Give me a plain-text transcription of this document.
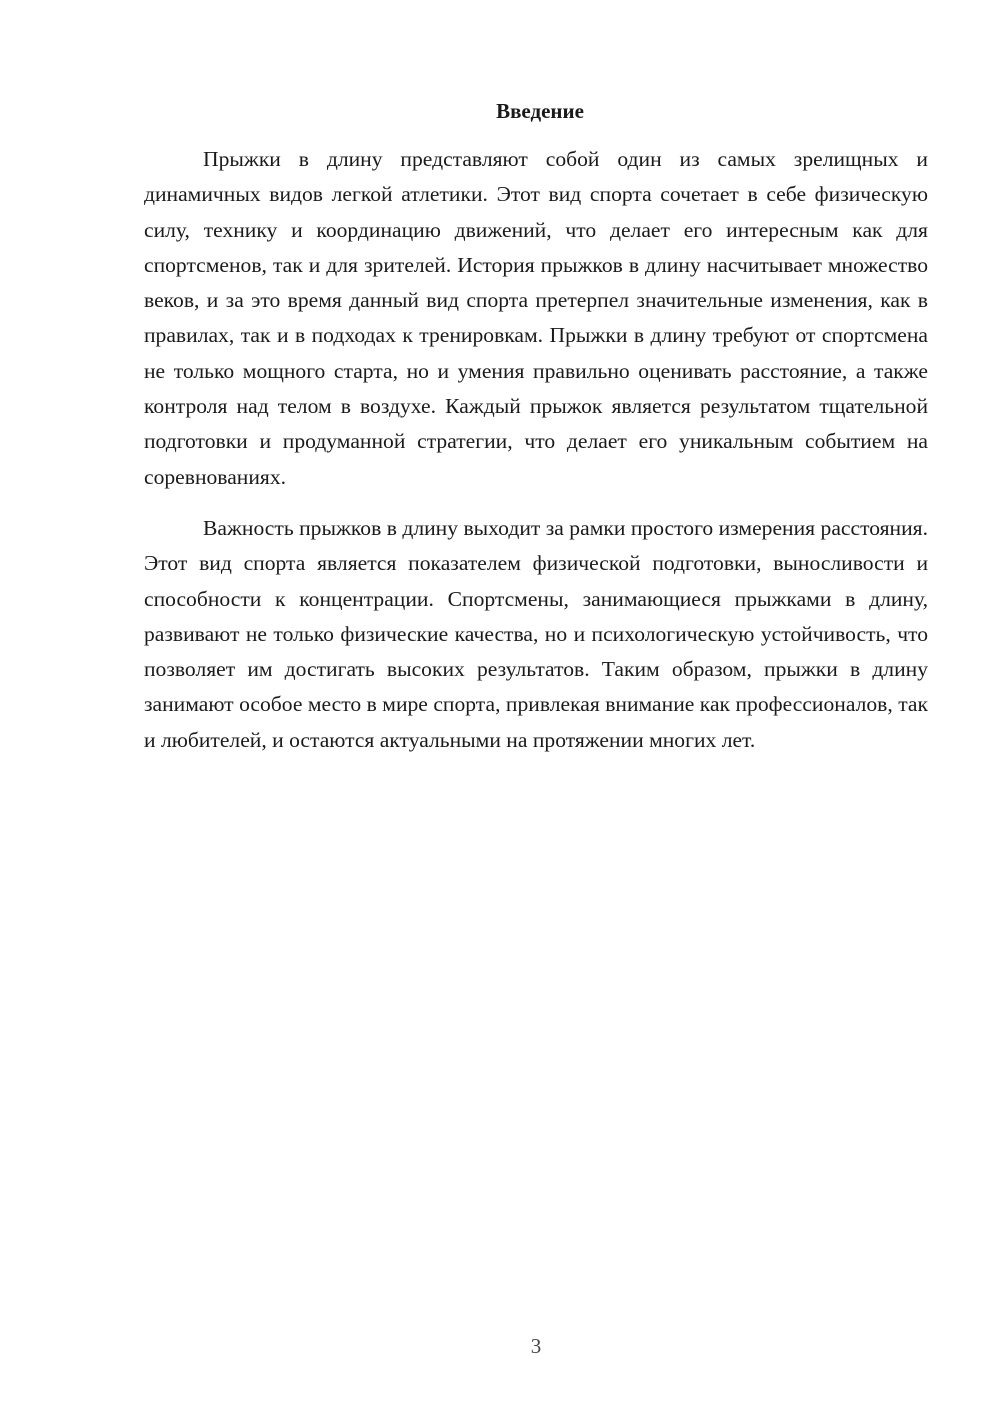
Введение

Прыжки в длину представляют собой один из самых зрелищных и динамичных видов легкой атлетики. Этот вид спорта сочетает в себе физическую силу, технику и координацию движений, что делает его интересным как для спортсменов, так и для зрителей. История прыжков в длину насчитывает множество веков, и за это время данный вид спорта претерпел значительные изменения, как в правилах, так и в подходах к тренировкам. Прыжки в длину требуют от спортсмена не только мощного старта, но и умения правильно оценивать расстояние, а также контроля над телом в воздухе. Каждый прыжок является результатом тщательной подготовки и продуманной стратегии, что делает его уникальным событием на соревнованиях.

Важность прыжков в длину выходит за рамки простого измерения расстояния. Этот вид спорта является показателем физической подготовки, выносливости и способности к концентрации. Спортсмены, занимающиеся прыжками в длину, развивают не только физические качества, но и психологическую устойчивость, что позволяет им достигать высоких результатов. Таким образом, прыжки в длину занимают особое место в мире спорта, привлекая внимание как профессионалов, так и любителей, и остаются актуальными на протяжении многих лет.

3
